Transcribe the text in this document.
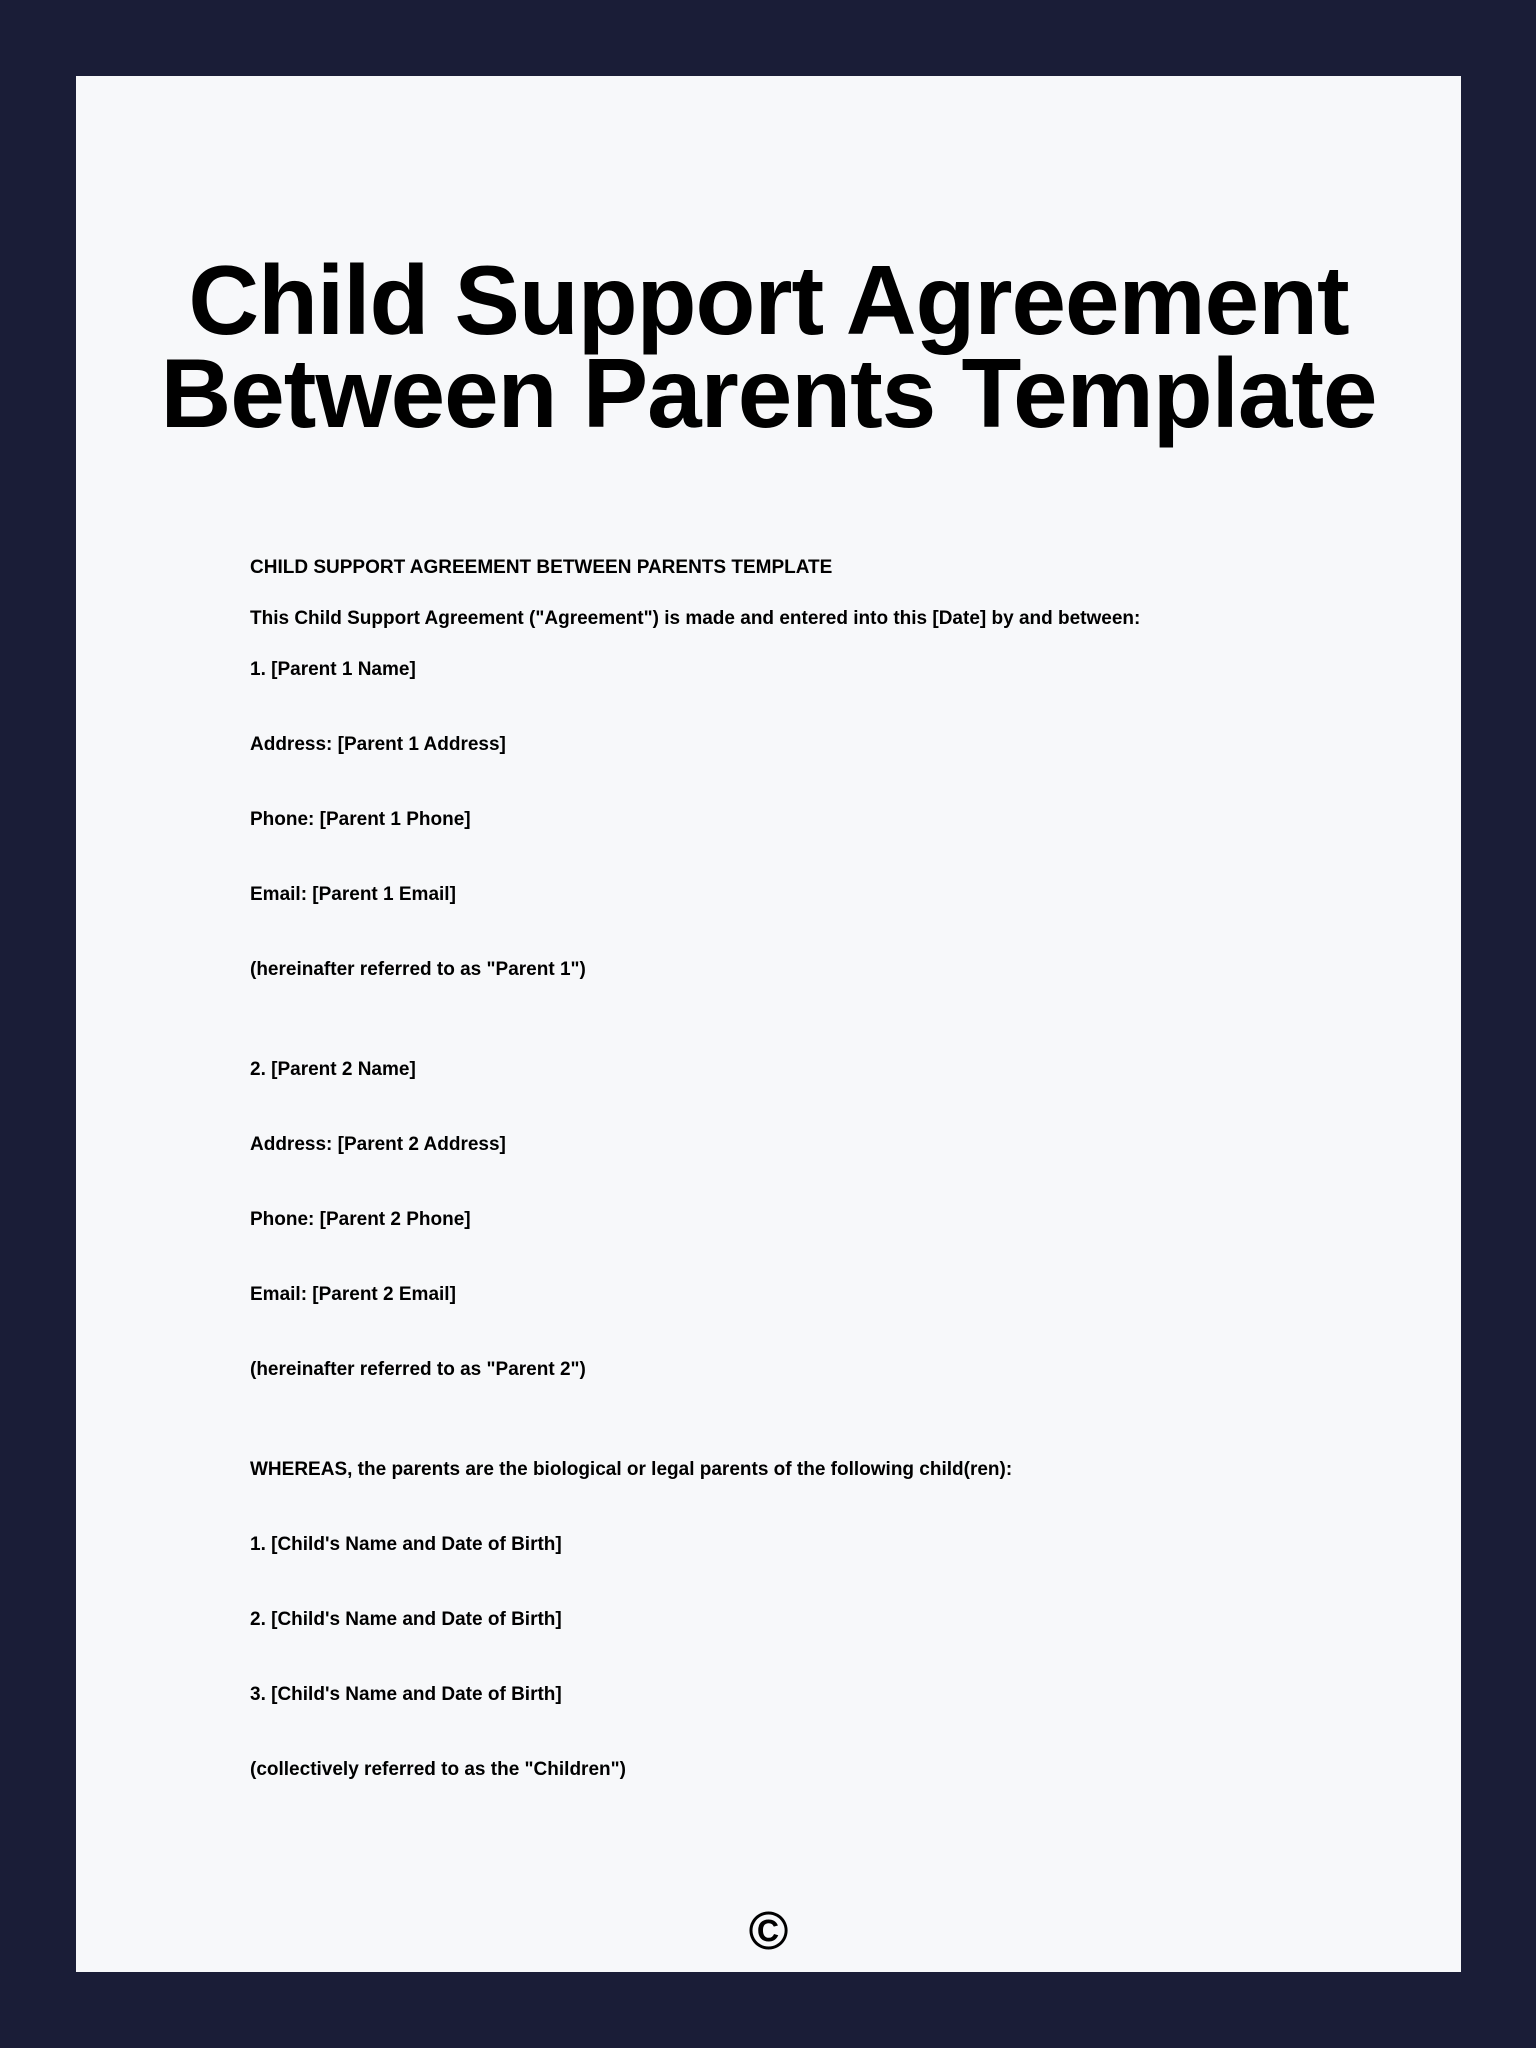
Child Support Agreement
Between Parents Template

CHILD SUPPORT AGREEMENT BETWEEN PARENTS TEMPLATE

This Child Support Agreement ("Agreement") is made and entered into this [Date] by and between:

1. [Parent 1 Name]

Address: [Parent 1 Address]

Phone: [Parent 1 Phone]

Email: [Parent 1 Email]

(hereinafter referred to as "Parent 1")

2. [Parent 2 Name]

Address: [Parent 2 Address]

Phone: [Parent 2 Phone]

Email: [Parent 2 Email]

(hereinafter referred to as "Parent 2")

WHEREAS, the parents are the biological or legal parents of the following child(ren):

1. [Child's Name and Date of Birth]

2. [Child's Name and Date of Birth]

3. [Child's Name and Date of Birth]

(collectively referred to as the "Children")

©
